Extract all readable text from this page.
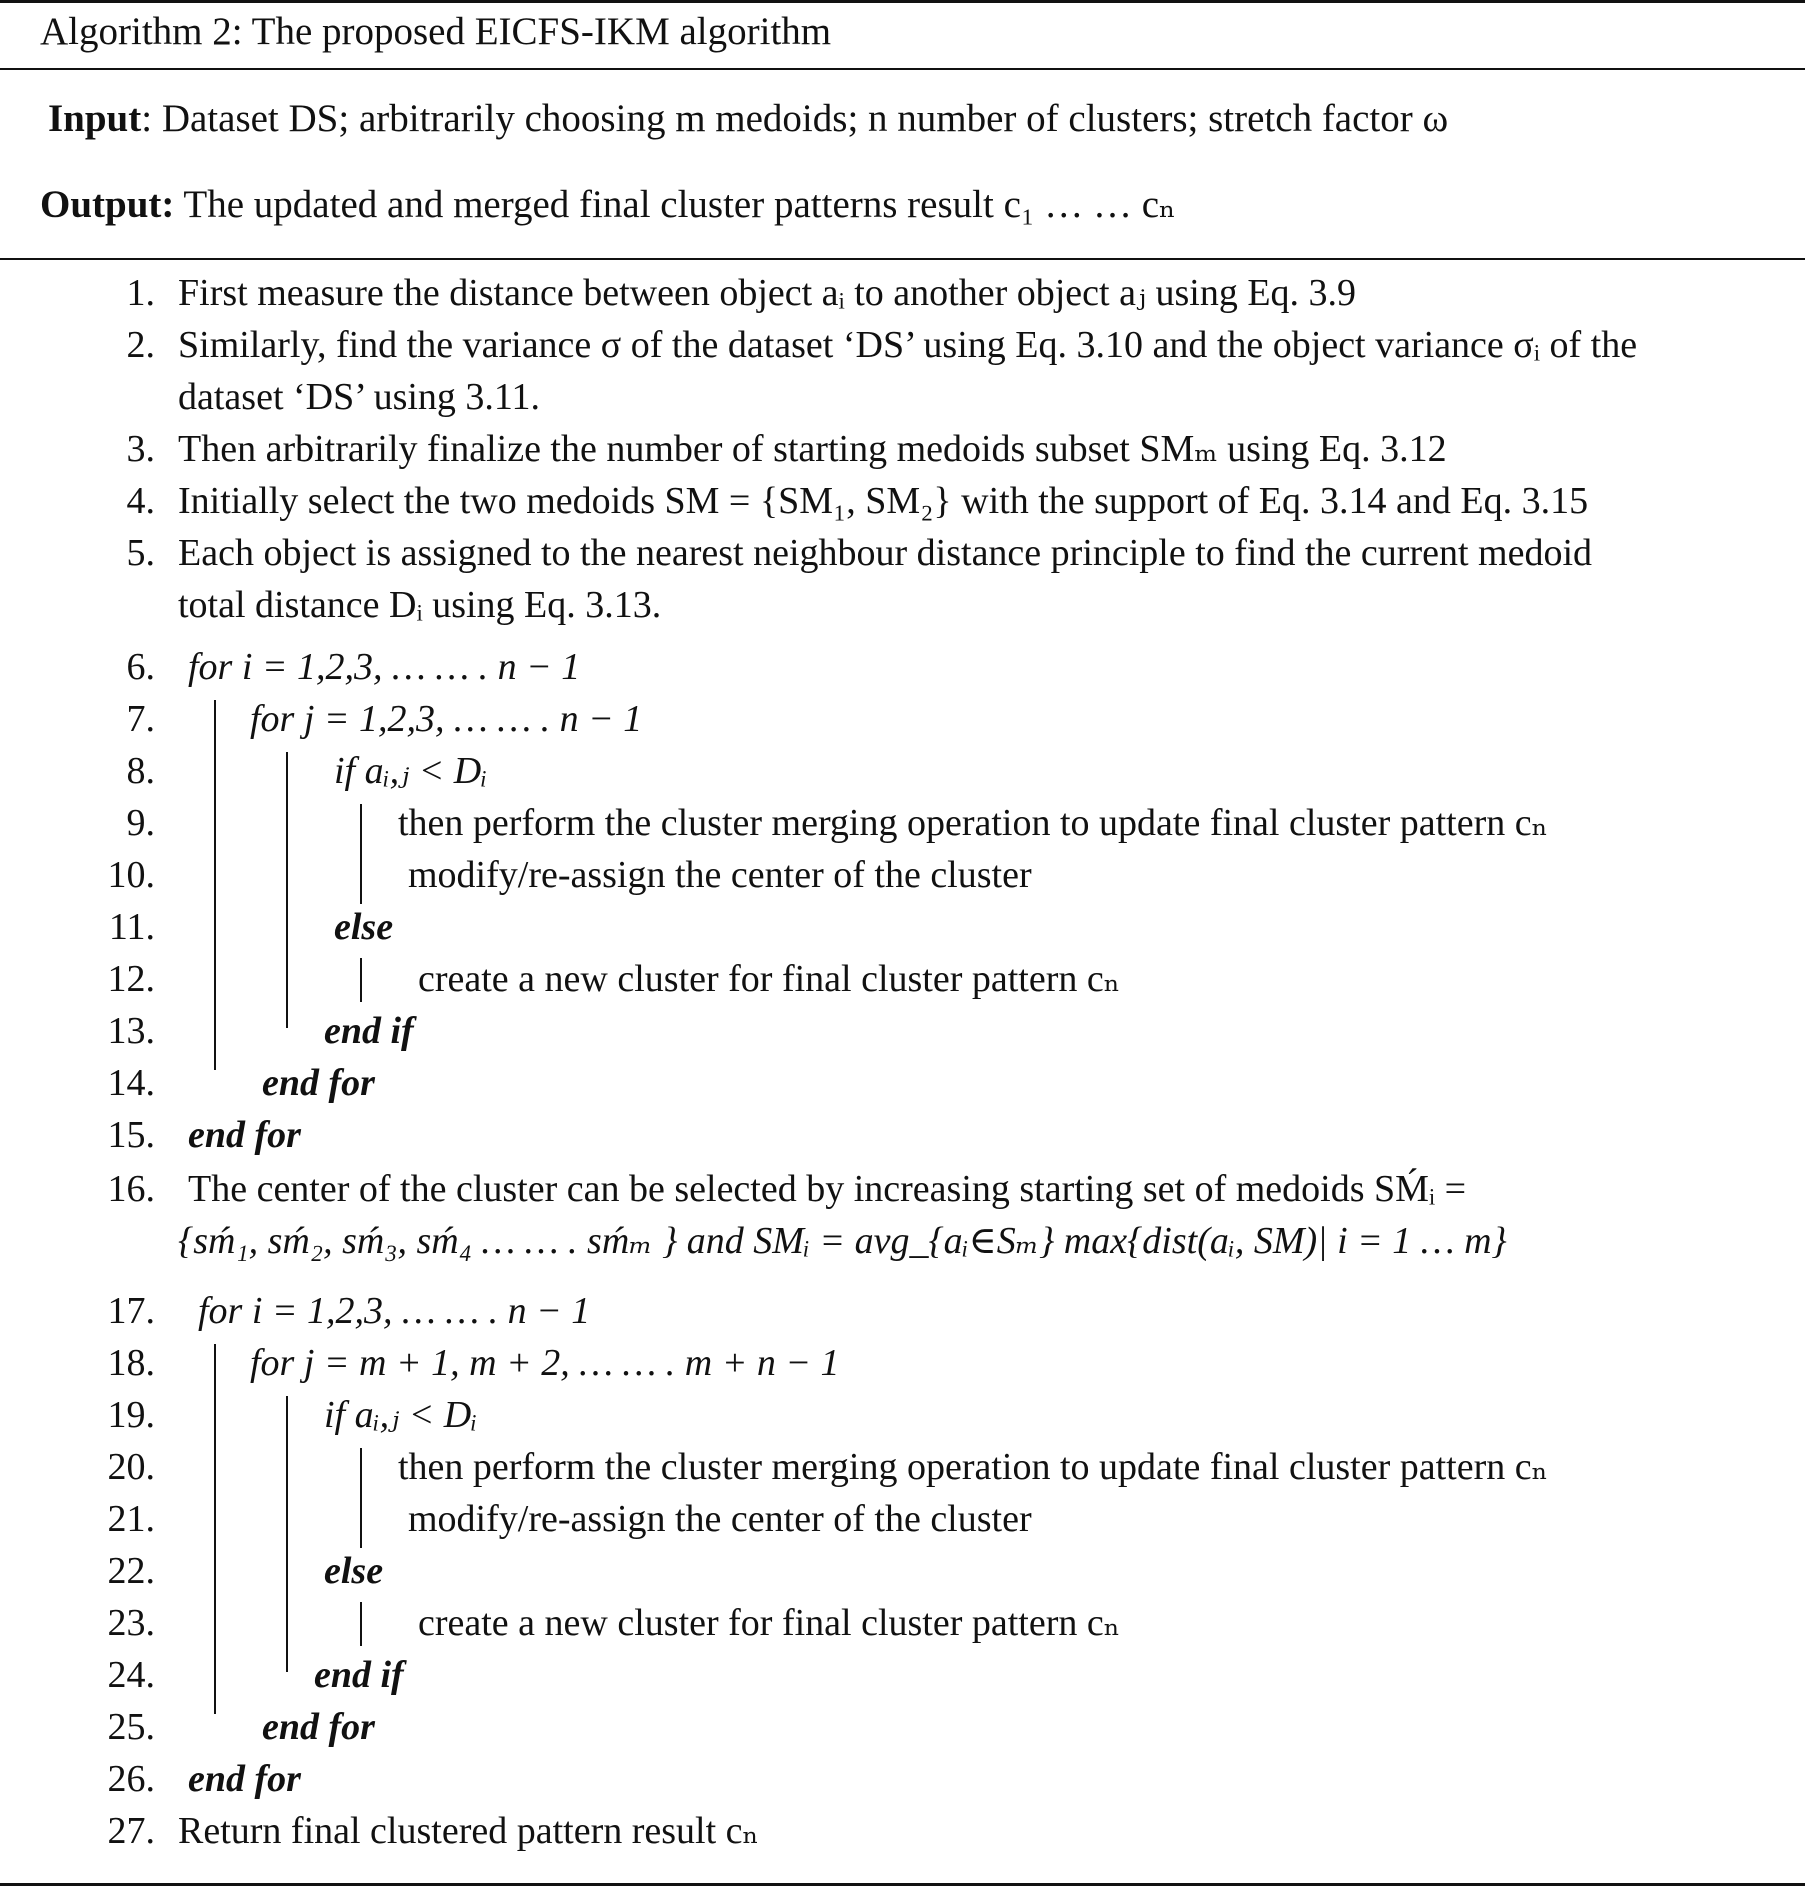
Algorithm 2: The proposed EICFS-IKM algorithm
Input: Dataset DS; arbitrarily choosing m medoids; n number of clusters; stretch factor ω
Output: The updated and merged final cluster patterns result c₁ … … cₙ
1. First measure the distance between object aᵢ to another object aⱼ using Eq. 3.9
2. Similarly, find the variance σ of the dataset ‘DS’ using Eq. 3.10 and the object variance σᵢ of the
dataset ‘DS’ using 3.11.
3. Then arbitrarily finalize the number of starting medoids subset SMₘ using Eq. 3.12
4. Initially select the two medoids SM = {SM₁, SM₂} with the support of Eq. 3.14 and Eq. 3.15
5. Each object is assigned to the nearest neighbour distance principle to find the current medoid
total distance Dᵢ using Eq. 3.13.
6. for i = 1,2,3, … … . n − 1
7.	for j = 1,2,3, … … . n − 1
8.	if aᵢ,ⱼ < Dᵢ
9.	then perform the cluster merging operation to update final cluster pattern cₙ
10.	modify/re-assign the center of the cluster
11.	else
12.	create a new cluster for final cluster pattern cₙ
13.	end if
14.	end for
15. end for
16. The center of the cluster can be selected by increasing starting set of medoids SḾᵢ =
{sḿ₁, sḿ₂, sḿ₃, sḿ₄ … … . sḿₘ } and SMᵢ = avg_{aᵢ∈Sₘ} max{dist(aᵢ, SM)| i = 1 … m}
17. for i = 1,2,3, … … . n − 1
18.	for j = m + 1, m + 2, … … . m + n − 1
19.	if aᵢ,ⱼ < Dᵢ
20.	then perform the cluster merging operation to update final cluster pattern cₙ
21.	modify/re-assign the center of the cluster
22.	else
23.	create a new cluster for final cluster pattern cₙ
24.	end if
25.	end for
26. end for
27. Return final clustered pattern result cₙ
